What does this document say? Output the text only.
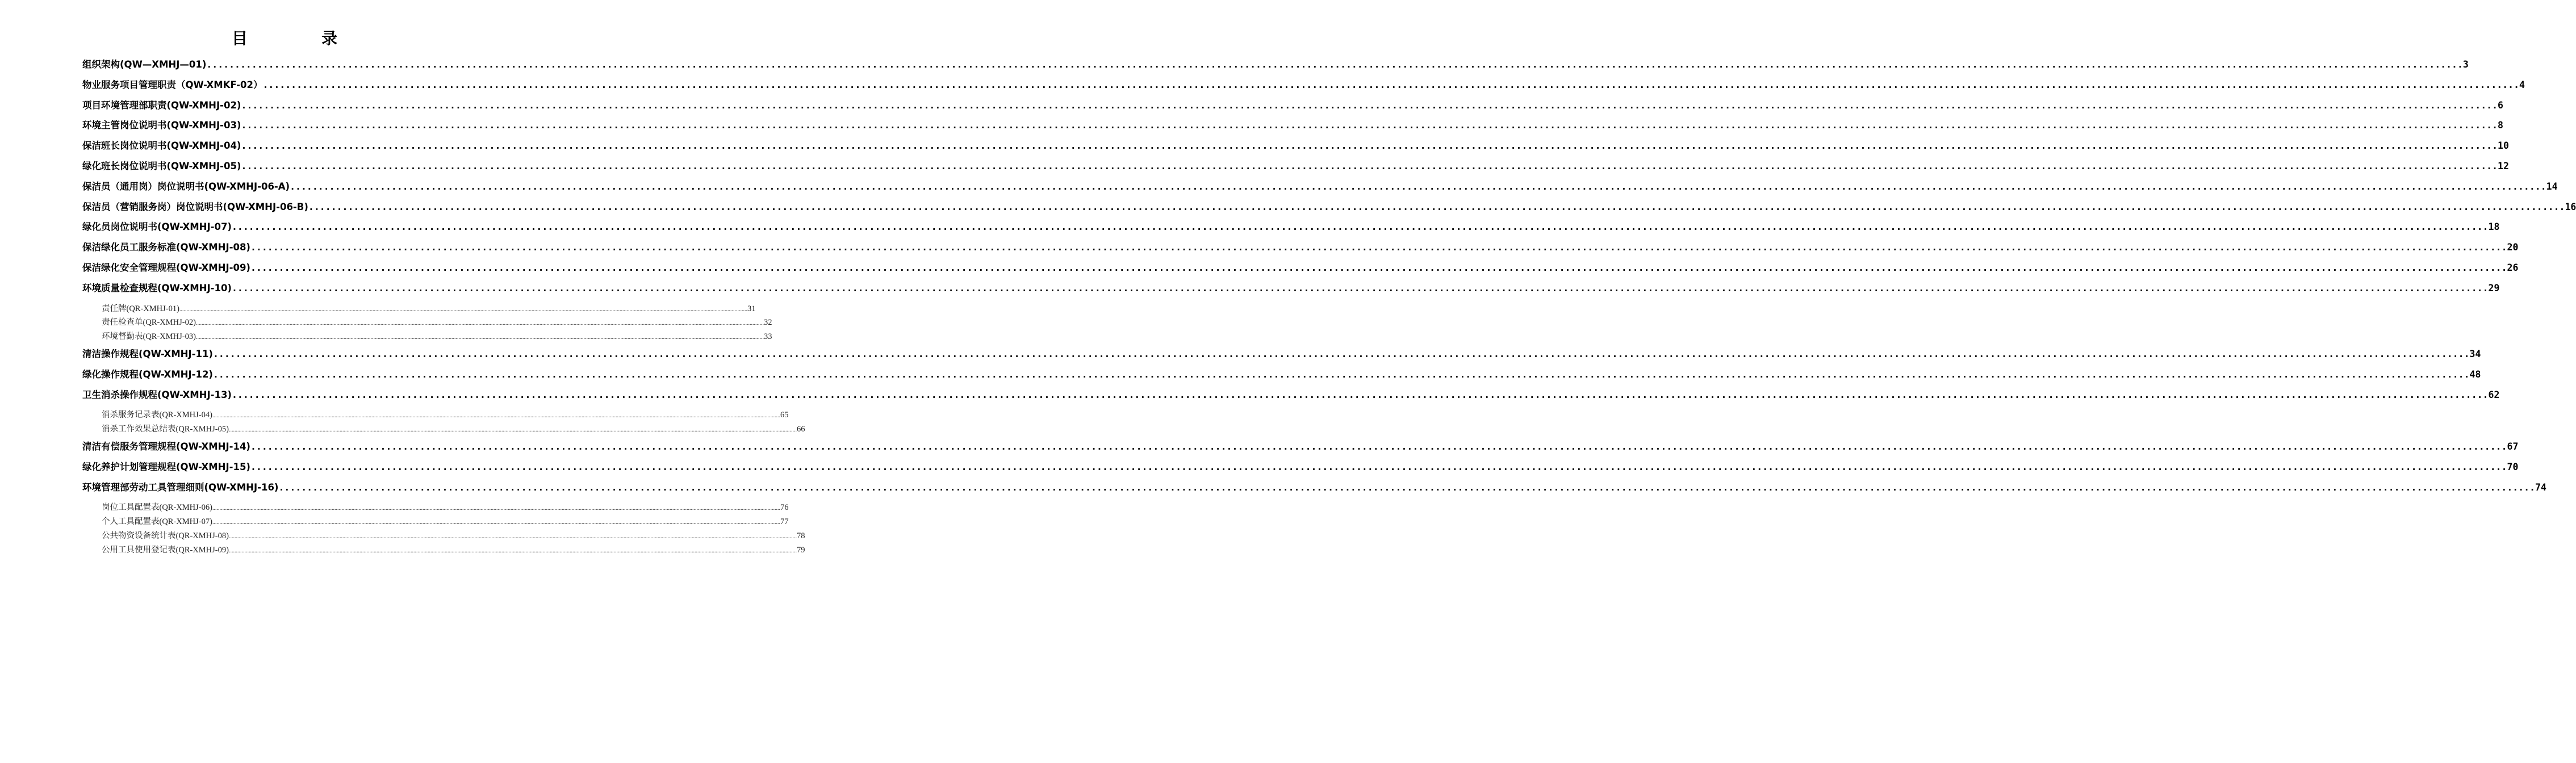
目	录
组织架构(QW—XMHJ—01) ................................................................................................................................................................................................................................................................................................................................................................................................................ 3
物业服务项目管理职责（QW-XMKF-02） ................................................................................................................................................................................................................................................................................................................................................................................................................ 4
项目环境管理部职责(QW-XMHJ-02) ................................................................................................................................................................................................................................................................................................................................................................................................................ 6
环境主管岗位说明书(QW-XMHJ-03) ................................................................................................................................................................................................................................................................................................................................................................................................................ 8
保洁班长岗位说明书(QW-XMHJ-04) ................................................................................................................................................................................................................................................................................................................................................................................................................ 10
绿化班长岗位说明书(QW-XMHJ-05) ................................................................................................................................................................................................................................................................................................................................................................................................................ 12
保洁员（通用岗）岗位说明书(QW-XMHJ-06-A) ................................................................................................................................................................................................................................................................................................................................................................................................................ 14
保洁员（营销服务岗）岗位说明书(QW-XMHJ-06-B) ................................................................................................................................................................................................................................................................................................................................................................................................................ 16
绿化员岗位说明书(QW-XMHJ-07) ................................................................................................................................................................................................................................................................................................................................................................................................................ 18
保洁绿化员工服务标准(QW-XMHJ-08) ................................................................................................................................................................................................................................................................................................................................................................................................................ 20
保洁绿化安全管理规程(QW-XMHJ-09) ................................................................................................................................................................................................................................................................................................................................................................................................................ 26
环境质量检查规程(QW-XMHJ-10) ................................................................................................................................................................................................................................................................................................................................................................................................................ 29
责任牌(QR-XMHJ-01) ................................................................................................................................................................................................................................................................................................................................................................................................................ 31
责任检查单(QR-XMHJ-02) ................................................................................................................................................................................................................................................................................................................................................................................................................ 32
环境督勤表(QR-XMHJ-03) ................................................................................................................................................................................................................................................................................................................................................................................................................ 33
清洁操作规程(QW-XMHJ-11) ................................................................................................................................................................................................................................................................................................................................................................................................................ 34
绿化操作规程(QW-XMHJ-12) ................................................................................................................................................................................................................................................................................................................................................................................................................ 48
卫生消杀操作规程(QW-XMHJ-13) ................................................................................................................................................................................................................................................................................................................................................................................................................ 62
消杀服务记录表(QR-XMHJ-04) ................................................................................................................................................................................................................................................................................................................................................................................................................ 65
消杀工作效果总结表(QR-XMHJ-05) ................................................................................................................................................................................................................................................................................................................................................................................................................ 66
清洁有偿服务管理规程(QW-XMHJ-14) ................................................................................................................................................................................................................................................................................................................................................................................................................ 67
绿化养护计划管理规程(QW-XMHJ-15) ................................................................................................................................................................................................................................................................................................................................................................................................................ 70
环境管理部劳动工具管理细则(QW-XMHJ-16) ................................................................................................................................................................................................................................................................................................................................................................................................................ 74
岗位工具配置表(QR-XMHJ-06) ................................................................................................................................................................................................................................................................................................................................................................................................................ 76
个人工具配置表(QR-XMHJ-07) ................................................................................................................................................................................................................................................................................................................................................................................................................ 77
公共物资设备统计表(QR-XMHJ-08) ................................................................................................................................................................................................................................................................................................................................................................................................................ 78
公用工具使用登记表(QR-XMHJ-09) ................................................................................................................................................................................................................................................................................................................................................................................................................ 79
